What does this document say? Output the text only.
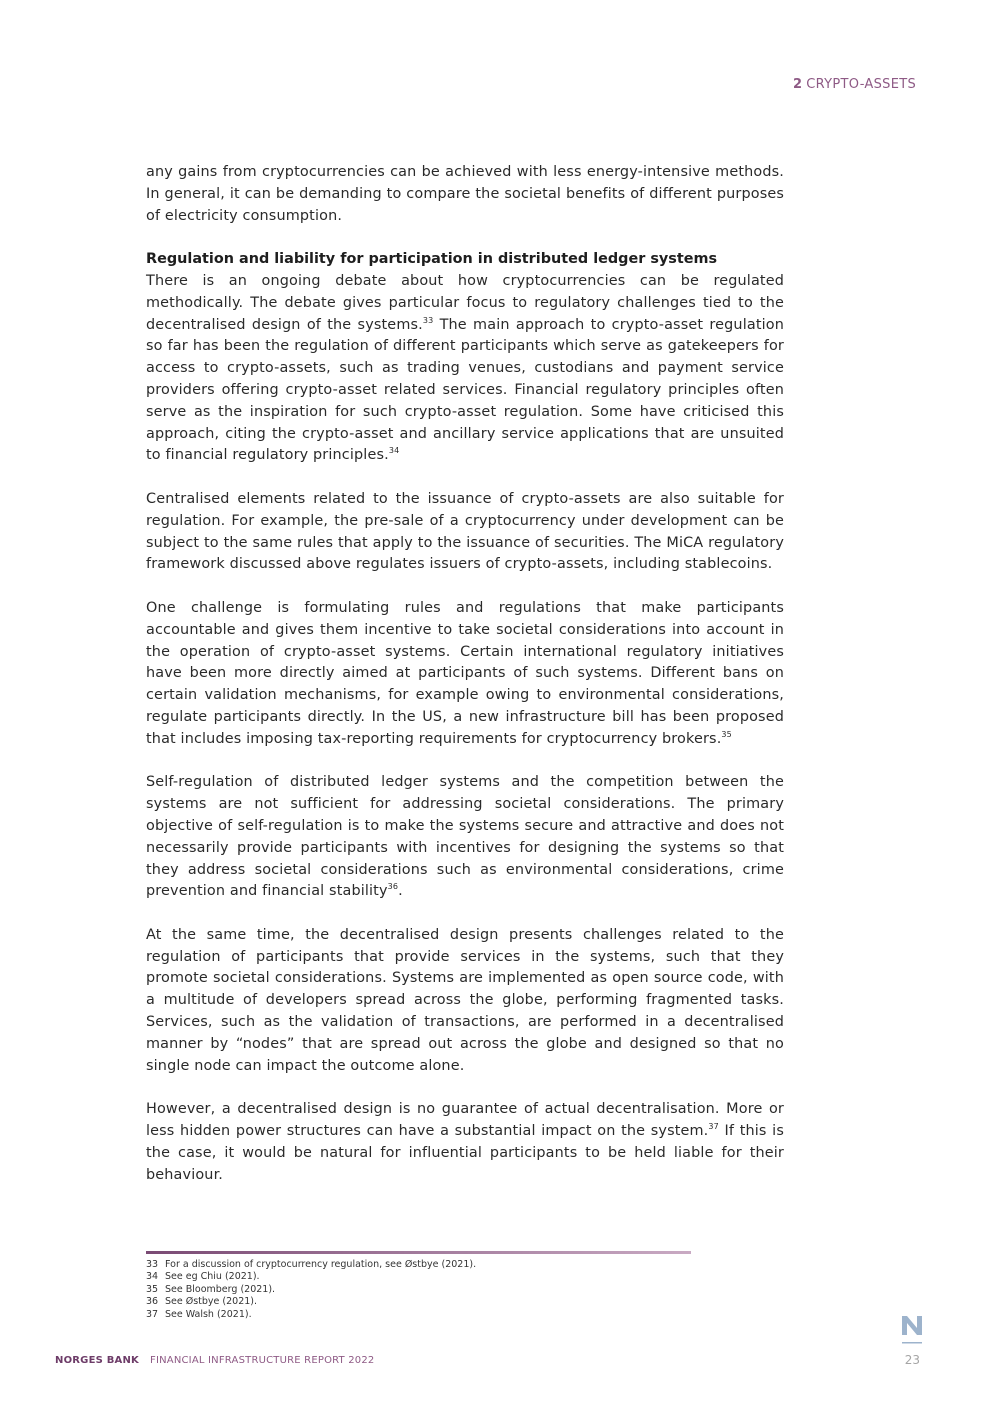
2 CRYPTO-ASSETS

any gains from cryptocurrencies can be achieved with less energy-intensive methods. In general, it can be demanding to compare the societal benefits of different purposes of electricity consumption.

Regulation and liability for participation in distributed ledger systems

There is an ongoing debate about how cryptocurrencies can be regulated methodically. The debate gives particular focus to regulatory challenges tied to the decentralised design of the systems.$^{33}$ The main approach to crypto-asset regulation so far has been the regulation of different participants which serve as gatekeepers for access to crypto-assets, such as trading venues, custodians and payment service providers offering crypto-asset related services. Financial regulatory principles often serve as the inspiration for such crypto-asset regulation. Some have criticised this approach, citing the crypto-asset and ancillary service applications that are unsuited to financial regulatory principles.$^{34}$

Centralised elements related to the issuance of crypto-assets are also suitable for regulation. For example, the pre-sale of a cryptocurrency under development can be subject to the same rules that apply to the issuance of securities. The MiCA regulatory framework discussed above regulates issuers of crypto-assets, including stablecoins.

One challenge is formulating rules and regulations that make participants accountable and gives them incentive to take societal considerations into account in the operation of crypto-asset systems. Certain international regulatory initiatives have been more directly aimed at participants of such systems. Different bans on certain validation mechanisms, for example owing to environmental considerations, regulate participants directly. In the US, a new infrastructure bill has been proposed that includes imposing tax-reporting requirements for cryptocurrency brokers.$^{35}$

Self-regulation of distributed ledger systems and the competition between the systems are not sufficient for addressing societal considerations. The primary objective of self-regulation is to make the systems secure and attractive and does not necessarily provide participants with incentives for designing the systems so that they address societal considerations such as environmental considerations, crime prevention and financial stability$^{36}$.

At the same time, the decentralised design presents challenges related to the regulation of participants that provide services in the systems, such that they promote societal considerations. Systems are implemented as open source code, with a multitude of developers spread across the globe, performing fragmented tasks. Services, such as the validation of transactions, are performed in a decentralised manner by “nodes” that are spread out across the globe and designed so that no single node can impact the outcome alone.

However, a decentralised design is no guarantee of actual decentralisation. More or less hidden power structures can have a substantial impact on the system.$^{37}$ If this is the case, it would be natural for influential participants to be held liable for their behaviour.

33 For a discussion of cryptocurrency regulation, see Østbye (2021).
34 See eg Chiu (2021).
35 See Bloomberg (2021).
36 See Østbye (2021).
37 See Walsh (2021).
NORGES BANK FINANCIAL INFRASTRUCTURE REPORT 2022	23
